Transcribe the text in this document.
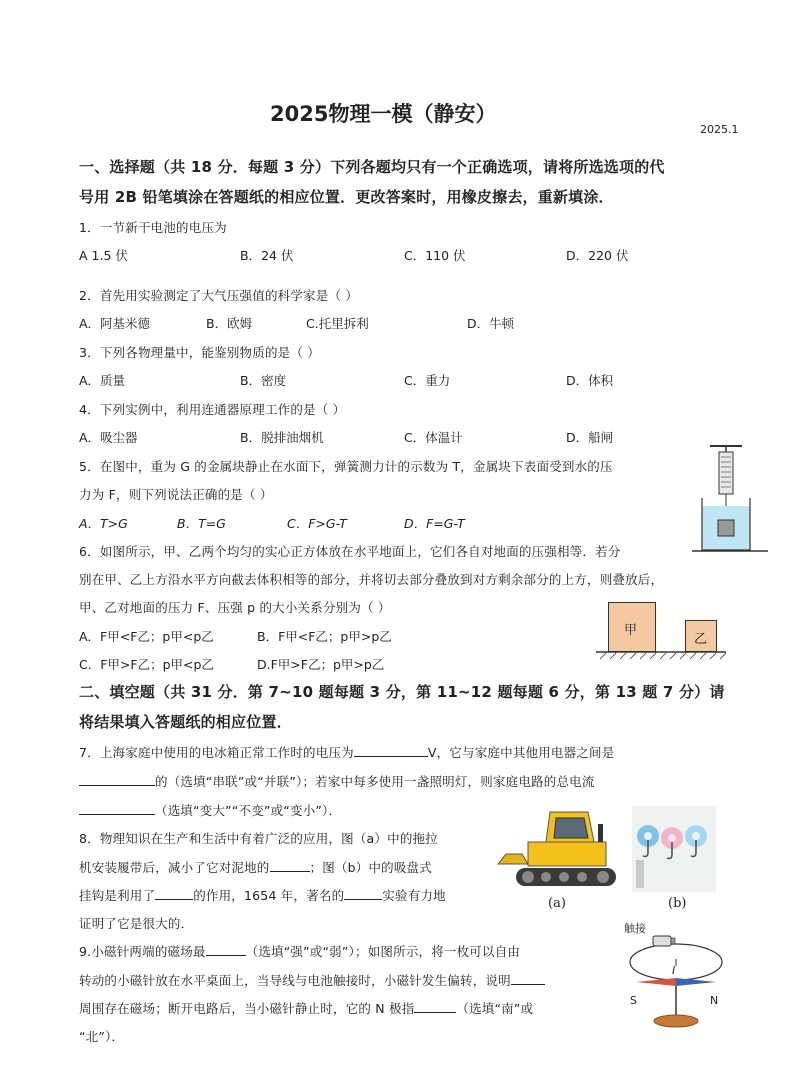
2025物理一模（静安）
2025.1
一、选择题（共 18 分．每题 3 分）下列各题均只有一个正确选项，请将所选选项的代
号用 2B 铅笔填涂在答题纸的相应位置．更改答案时，用橡皮擦去，重新填涂．
1．一节新干电池的电压为
A 1.5 伏	B．24 伏	C．110 伏	D．220 伏
2．首先用实验测定了大气压强值的科学家是（ ）
A．阿基米德	B．欧姆	C.托里拆利	D．牛顿
3．下列各物理量中，能鉴别物质的是（ ）
A．质量	B．密度	C．重力	D．体积
4．下列实例中，利用连通器原理工作的是（ ）
A．吸尘器	B．脱排油烟机	C．体温计	D．船闸
5．在图中，重为 G 的金属块静止在水面下，弹簧测力计的示数为 T，金属块下表面受到水的压
力为 F，则下列说法正确的是（ ）
A．T>G	B．T=G	C．F>G-T	D．F=G-T
6．如图所示，甲、乙两个均匀的实心正方体放在水平地面上，它们各自对地面的压强相等．若分
别在甲、乙上方沿水平方向截去体积相等的部分，并将切去部分叠放到对方剩余部分的上方，则叠放后，
甲、乙对地面的压力 F、压强 p 的大小关系分别为（ ）
A．F甲<F乙；p甲<p乙	B．F甲<F乙；p甲>p乙
C．F甲>F乙；p甲<p乙	D.F甲>F乙；p甲>p乙
甲
乙
二、填空题（共 31 分．第 7~10 题每题 3 分，第 11~12 题每题 6 分，第 13 题 7 分）请
将结果填入答题纸的相应位置．
7．上海家庭中使用的电冰箱正常工作时的电压为	V，它与家庭中其他用电器之间是
的（选填“串联”或“并联”）；若家中每多使用一盏照明灯，则家庭电路的总电流
（选填“变大”“不变”或“变小”）．
8．物理知识在生产和生活中有着广泛的应用，图（a）中的拖拉
机安装履带后，减小了它对泥地的	；图（b）中的吸盘式
挂钩是利用了	的作用，1654 年，著名的	实验有力地
证明了它是很大的．
(a)	(b)
9.小磁针两端的磁场最	（选填“强”或“弱”）；如图所示，将一枚可以自由
转动的小磁针放在水平桌面上，当导线与电池触接时，小磁针发生偏转，说明
周围存在磁场；断开电路后，当小磁针静止时，它的 N 极指	（选填“南”或
“北”）．
触接
I
S	N
